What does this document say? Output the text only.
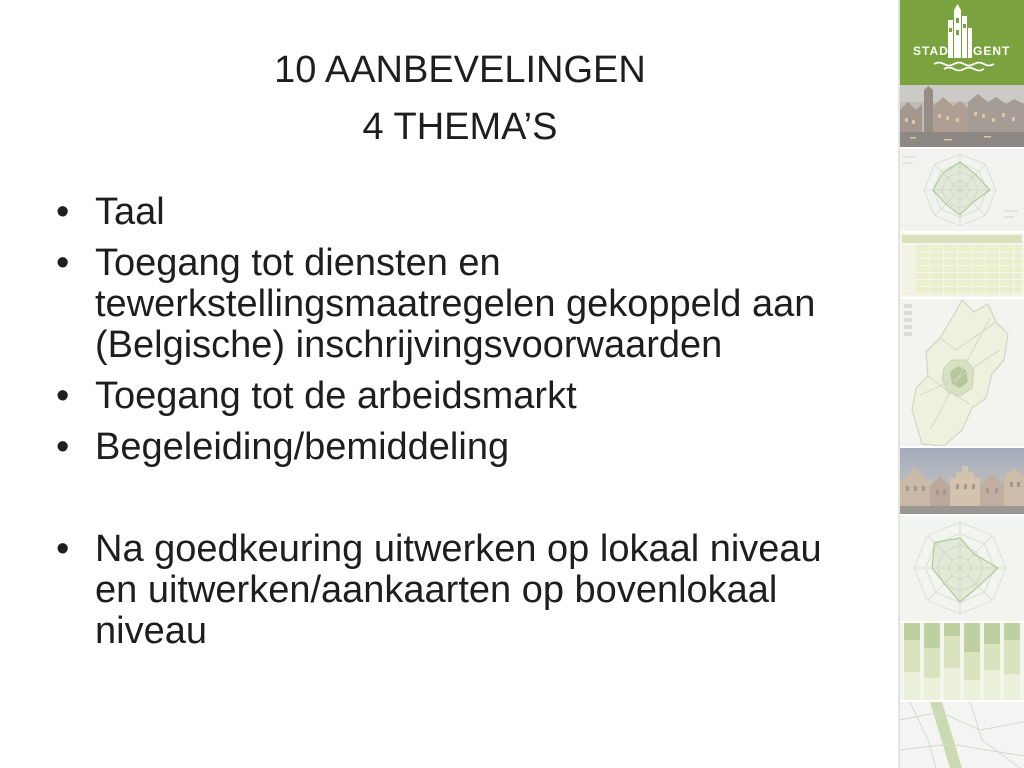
10 AANBEVELINGEN
4 THEMA’S
• Taal
• Toegang tot diensten en
tewerkstellingsmaatregelen gekoppeld aan
(Belgische) inschrijvingsvoorwaarden
• Toegang tot de arbeidsmarkt
• Begeleiding/bemiddeling
• Na goedkeuring uitwerken op lokaal niveau
en uitwerken/aankaarten op bovenlokaal
niveau
STAD GENT
